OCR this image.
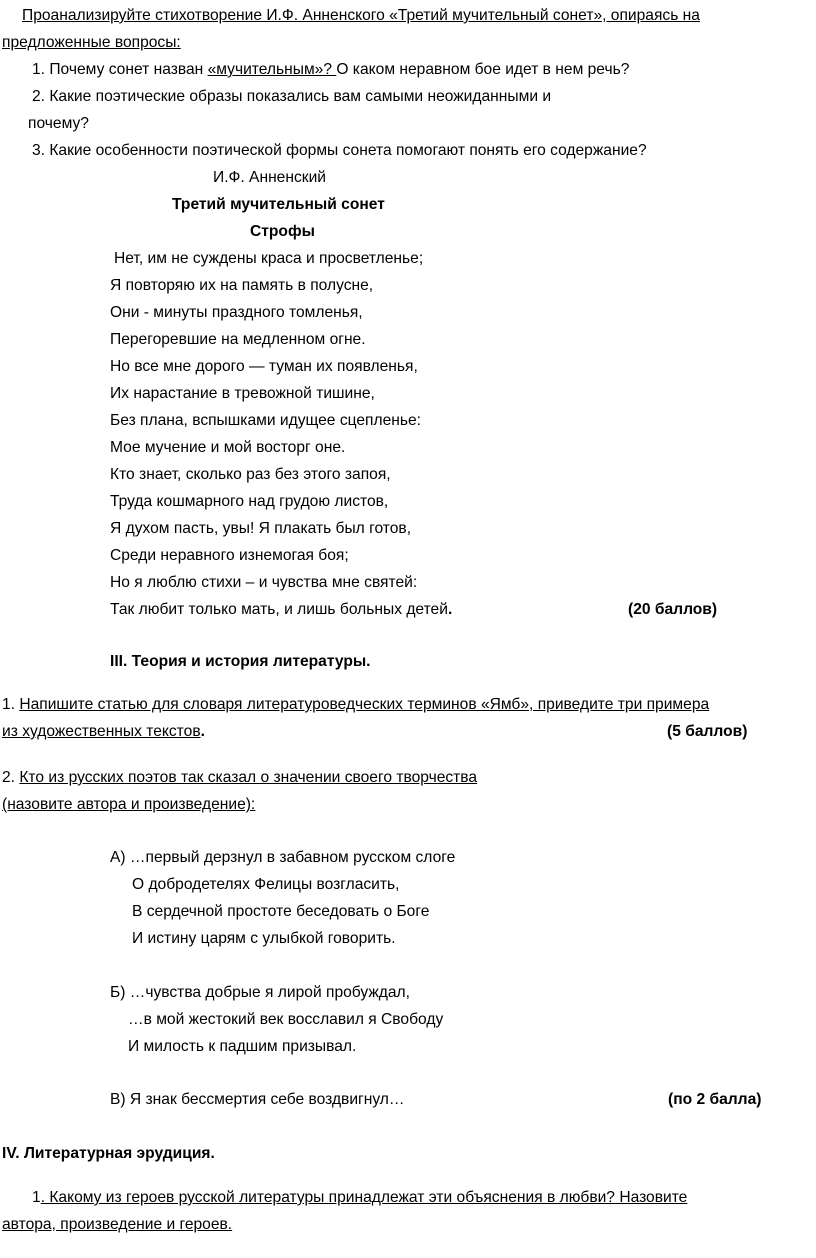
Проанализируйте стихотворение И.Ф. Анненского «Третий мучительный сонет», опираясь на
предложенные вопросы:
1. Почему сонет назван «мучительным»? О каком неравном бое идет в нем речь?
2. Какие поэтические образы показались вам самыми неожиданными и
почему?
3. Какие особенности поэтической формы сонета помогают понять его содержание?
И.Ф. Анненский
Третий мучительный сонет
Строфы
Нет, им не суждены краса и просветленье;
Я повторяю их на память в полусне,
Они - минуты праздного томленья,
Перегоревшие на медленном огне.
Но все мне дорого — туман их появленья,
Их нарастание в тревожной тишине,
Без плана, вспышками идущее сцепленье:
Мое мучение и мой восторг оне.
Кто знает, сколько раз без этого запоя,
Труда кошмарного над грудою листов,
Я духом пасть, увы! Я плакать был готов,
Среди неравного изнемогая боя;
Но я люблю стихи – и чувства мне святей:
Так любит только мать, и лишь больных детей.	(20 баллов)
III. Теория и история литературы.
1. Напишите статью для словаря литературоведческих терминов «Ямб», приведите три примера
из художественных текстов.	(5 баллов)
2. Кто из русских поэтов так сказал о значении своего творчества
(назовите автора и произведение):
А) …первый дерзнул в забавном русском слоге
О добродетелях Фелицы возгласить,
В сердечной простоте беседовать о Боге
И истину царям с улыбкой говорить.
Б) …чувства добрые я лирой пробуждал,
…в мой жестокий век восславил я Свободу
И милость к падшим призывал.
В) Я знак бессмертия себе воздвигнул…	(по 2 балла)
IV. Литературная эрудиция.
1. Какому из героев русской литературы принадлежат эти объяснения в любви? Назовите
автора, произведение и героев.
